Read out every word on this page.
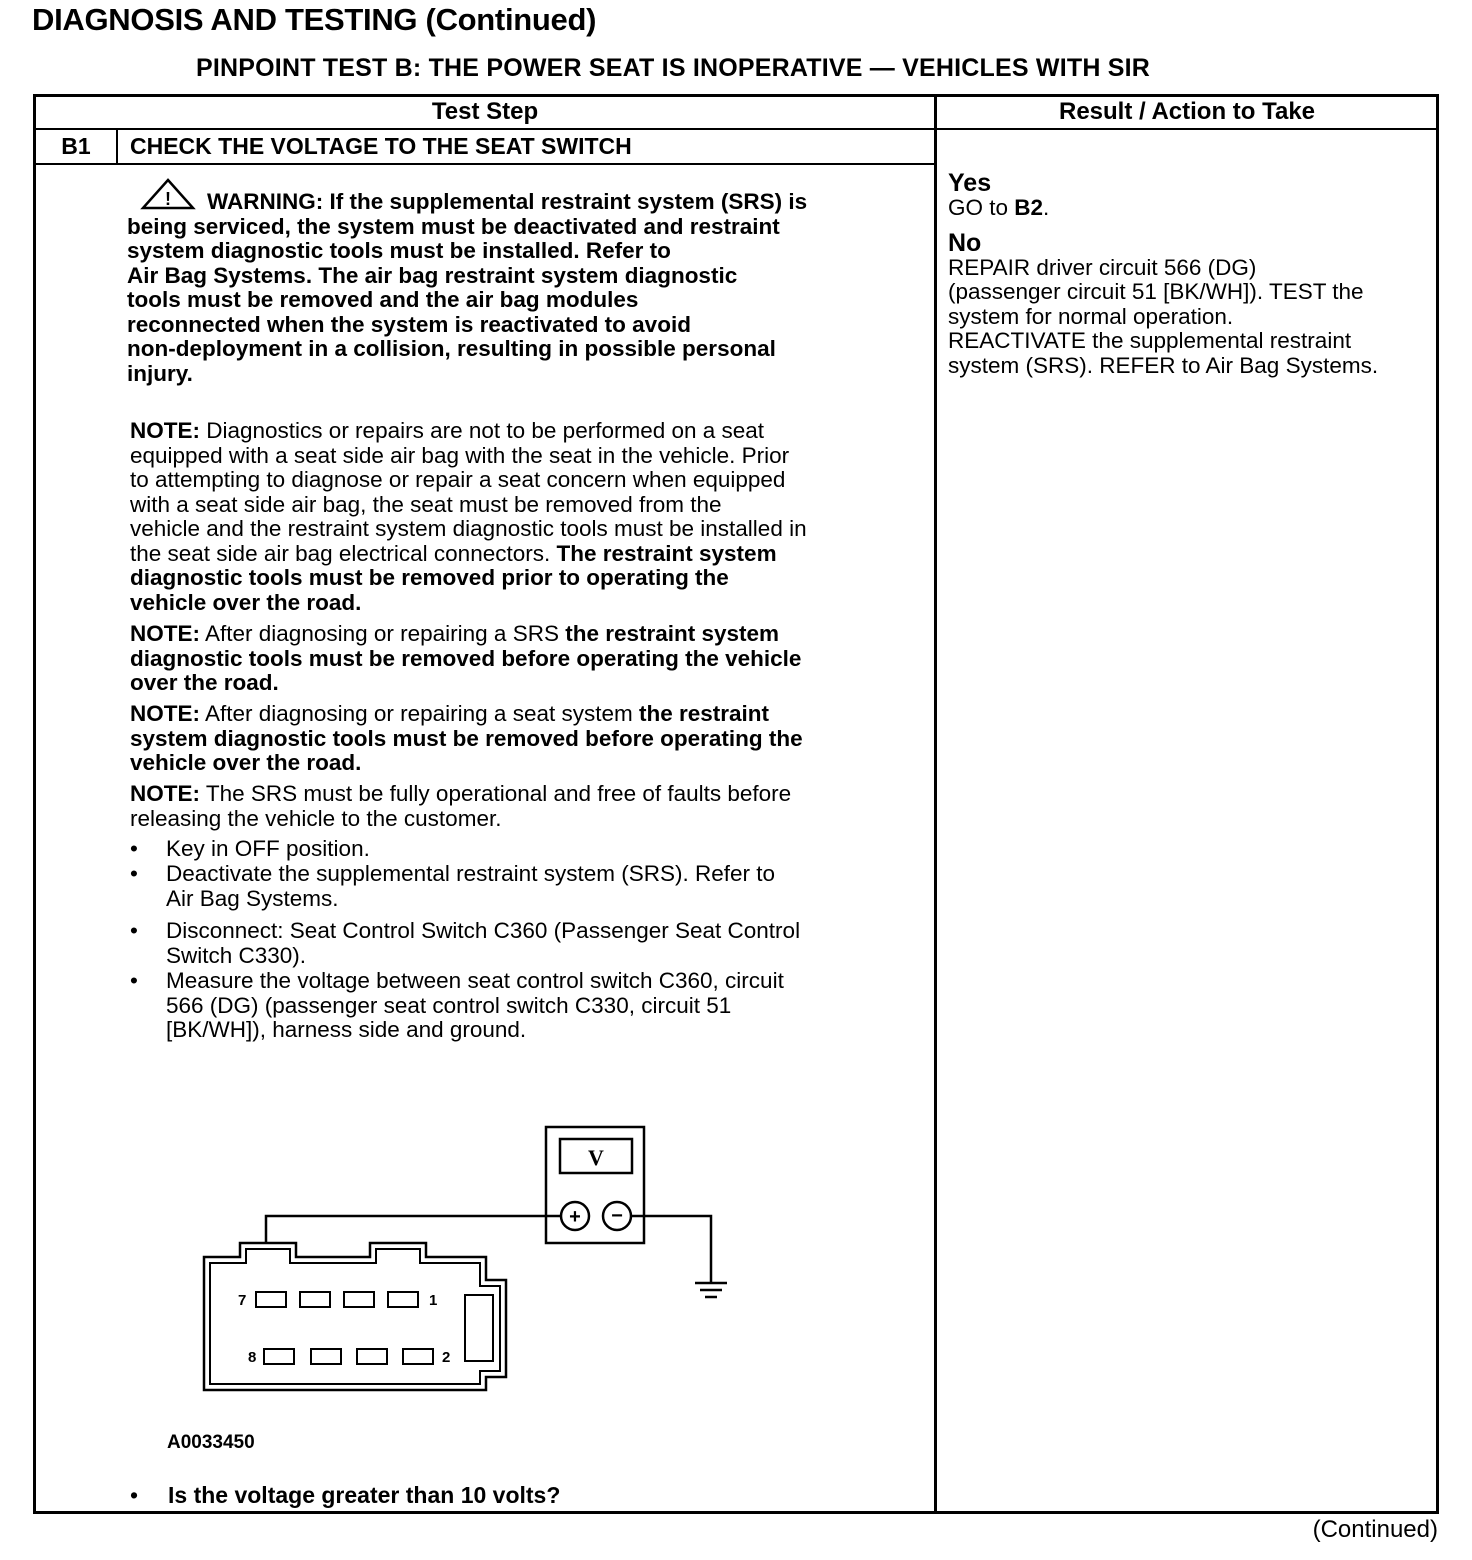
DIAGNOSIS AND TESTING (Continued)
PINPOINT TEST B: THE POWER SEAT IS INOPERATIVE — VEHICLES WITH SIR
Test Step	Result / Action to Take
B1	CHECK THE VOLTAGE TO THE SEAT SWITCH
!	WARNING: If the supplemental restraint system (SRS) is
being serviced, the system must be deactivated and restraint
system diagnostic tools must be installed. Refer to
Air Bag Systems. The air bag restraint system diagnostic
tools must be removed and the air bag modules
reconnected when the system is reactivated to avoid
non-deployment in a collision, resulting in possible personal
injury.
NOTE: Diagnostics or repairs are not to be performed on a seat
equipped with a seat side air bag with the seat in the vehicle. Prior
to attempting to diagnose or repair a seat concern when equipped
with a seat side air bag, the seat must be removed from the
vehicle and the restraint system diagnostic tools must be installed in
the seat side air bag electrical connectors. The restraint system
diagnostic tools must be removed prior to operating the
vehicle over the road.
NOTE: After diagnosing or repairing a SRS the restraint system
diagnostic tools must be removed before operating the vehicle
over the road.
NOTE: After diagnosing or repairing a seat system the restraint
system diagnostic tools must be removed before operating the
vehicle over the road.
NOTE: The SRS must be fully operational and free of faults before
releasing the vehicle to the customer.
• Key in OFF position.
• Deactivate the supplemental restraint system (SRS). Refer to
Air Bag Systems.
• Disconnect: Seat Control Switch C360 (Passenger Seat Control
Switch C330).
• Measure the voltage between seat control switch C360, circuit
566 (DG) (passenger seat control switch C330, circuit 51
[BK/WH]), harness side and ground.
V
+ −
7	1
8	2
A0033450
• Is the voltage greater than 10 volts?
Yes
GO to B2.
No
REPAIR driver circuit 566 (DG)
(passenger circuit 51 [BK/WH]). TEST the
system for normal operation.
REACTIVATE the supplemental restraint
system (SRS). REFER to Air Bag Systems.
(Continued)
